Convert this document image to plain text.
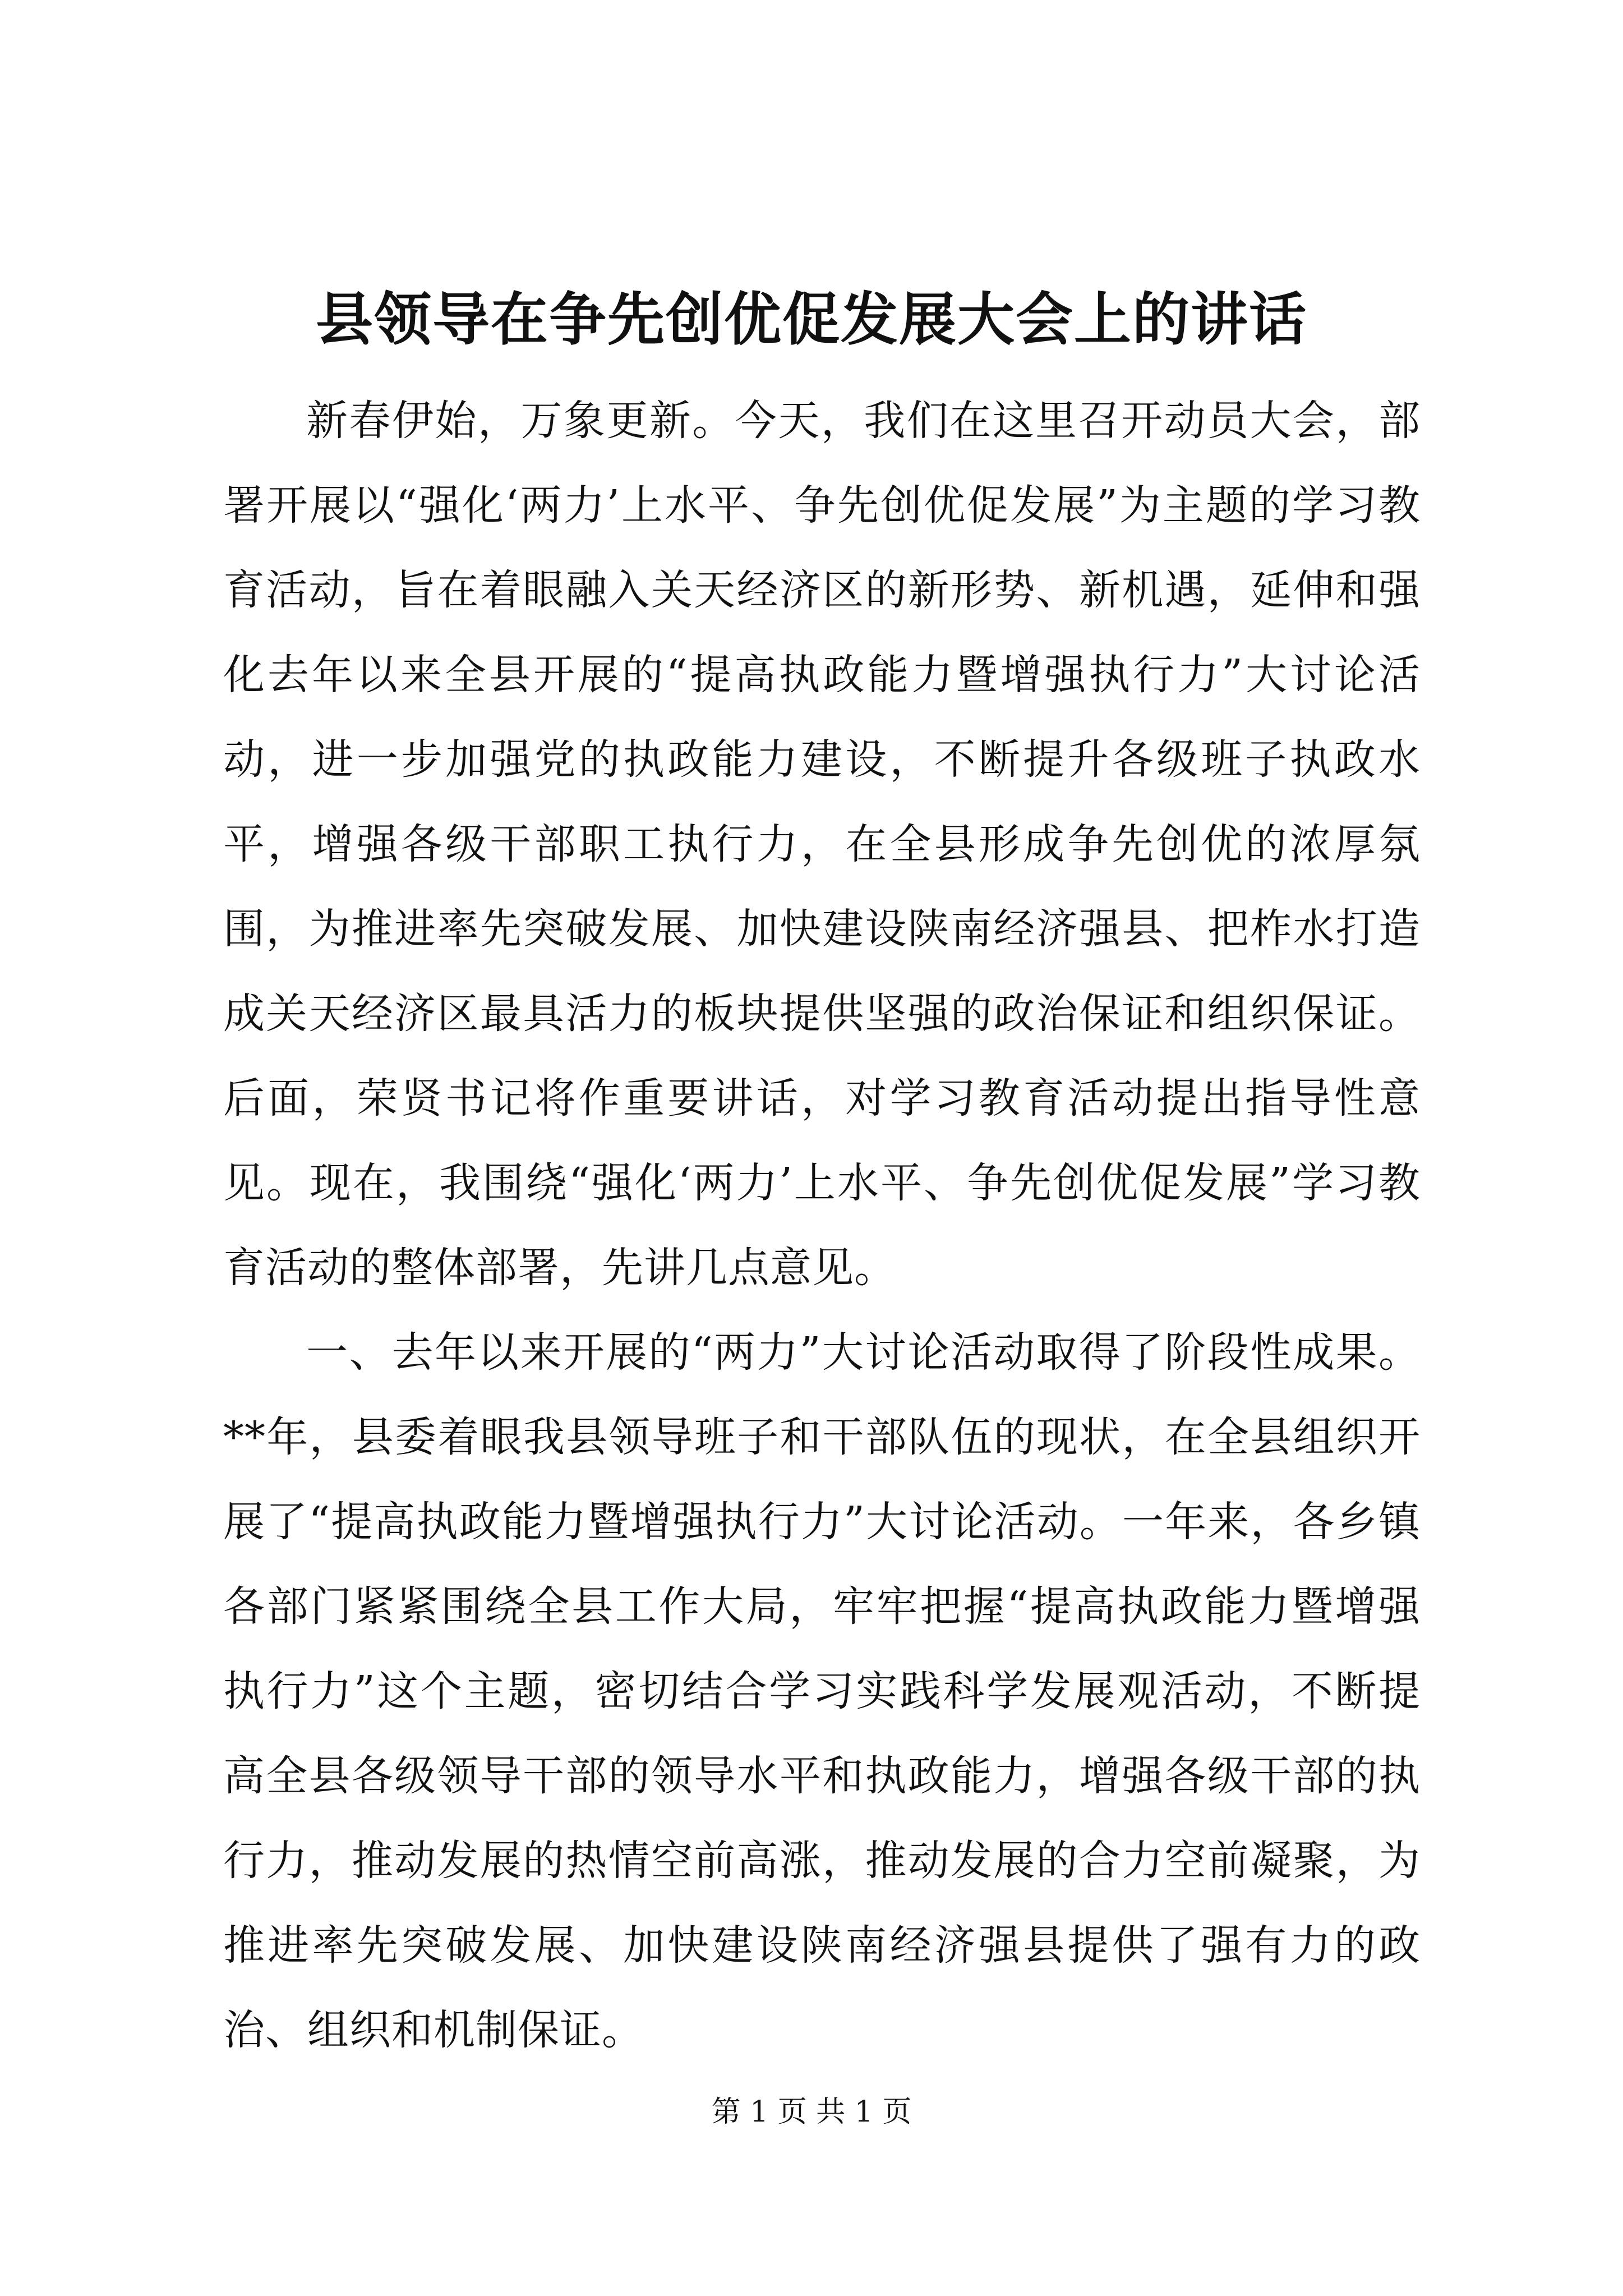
县领导在争先创优促发展大会上的讲话

新春伊始，万象更新。今天，我们在这里召开动员大会，部署开展以“强化‘两力’上水平、争先创优促发展”为主题的学习教育活动，旨在着眼融入关天经济区的新形势、新机遇，延伸和强化去年以来全县开展的“提高执政能力暨增强执行力”大讨论活动，进一步加强党的执政能力建设，不断提升各级班子执政水平，增强各级干部职工执行力，在全县形成争先创优的浓厚氛围，为推进率先突破发展、加快建设陕南经济强县、把柞水打造成关天经济区最具活力的板块提供坚强的政治保证和组织保证。后面，荣贤书记将作重要讲话，对学习教育活动提出指导性意见。现在，我围绕“强化‘两力’上水平、争先创优促发展”学习教育活动的整体部署，先讲几点意见。

一、去年以来开展的“两力”大讨论活动取得了阶段性成果。**年，县委着眼我县领导班子和干部队伍的现状，在全县组织开展了“提高执政能力暨增强执行力”大讨论活动。一年来，各乡镇各部门紧紧围绕全县工作大局，牢牢把握“提高执政能力暨增强执行力”这个主题，密切结合学习实践科学发展观活动，不断提高全县各级领导干部的领导水平和执政能力，增强各级干部的执行力，推动发展的热情空前高涨，推动发展的合力空前凝聚，为推进率先突破发展、加快建设陕南经济强县提供了强有力的政治、组织和机制保证。

第 1 页 共 1 页
